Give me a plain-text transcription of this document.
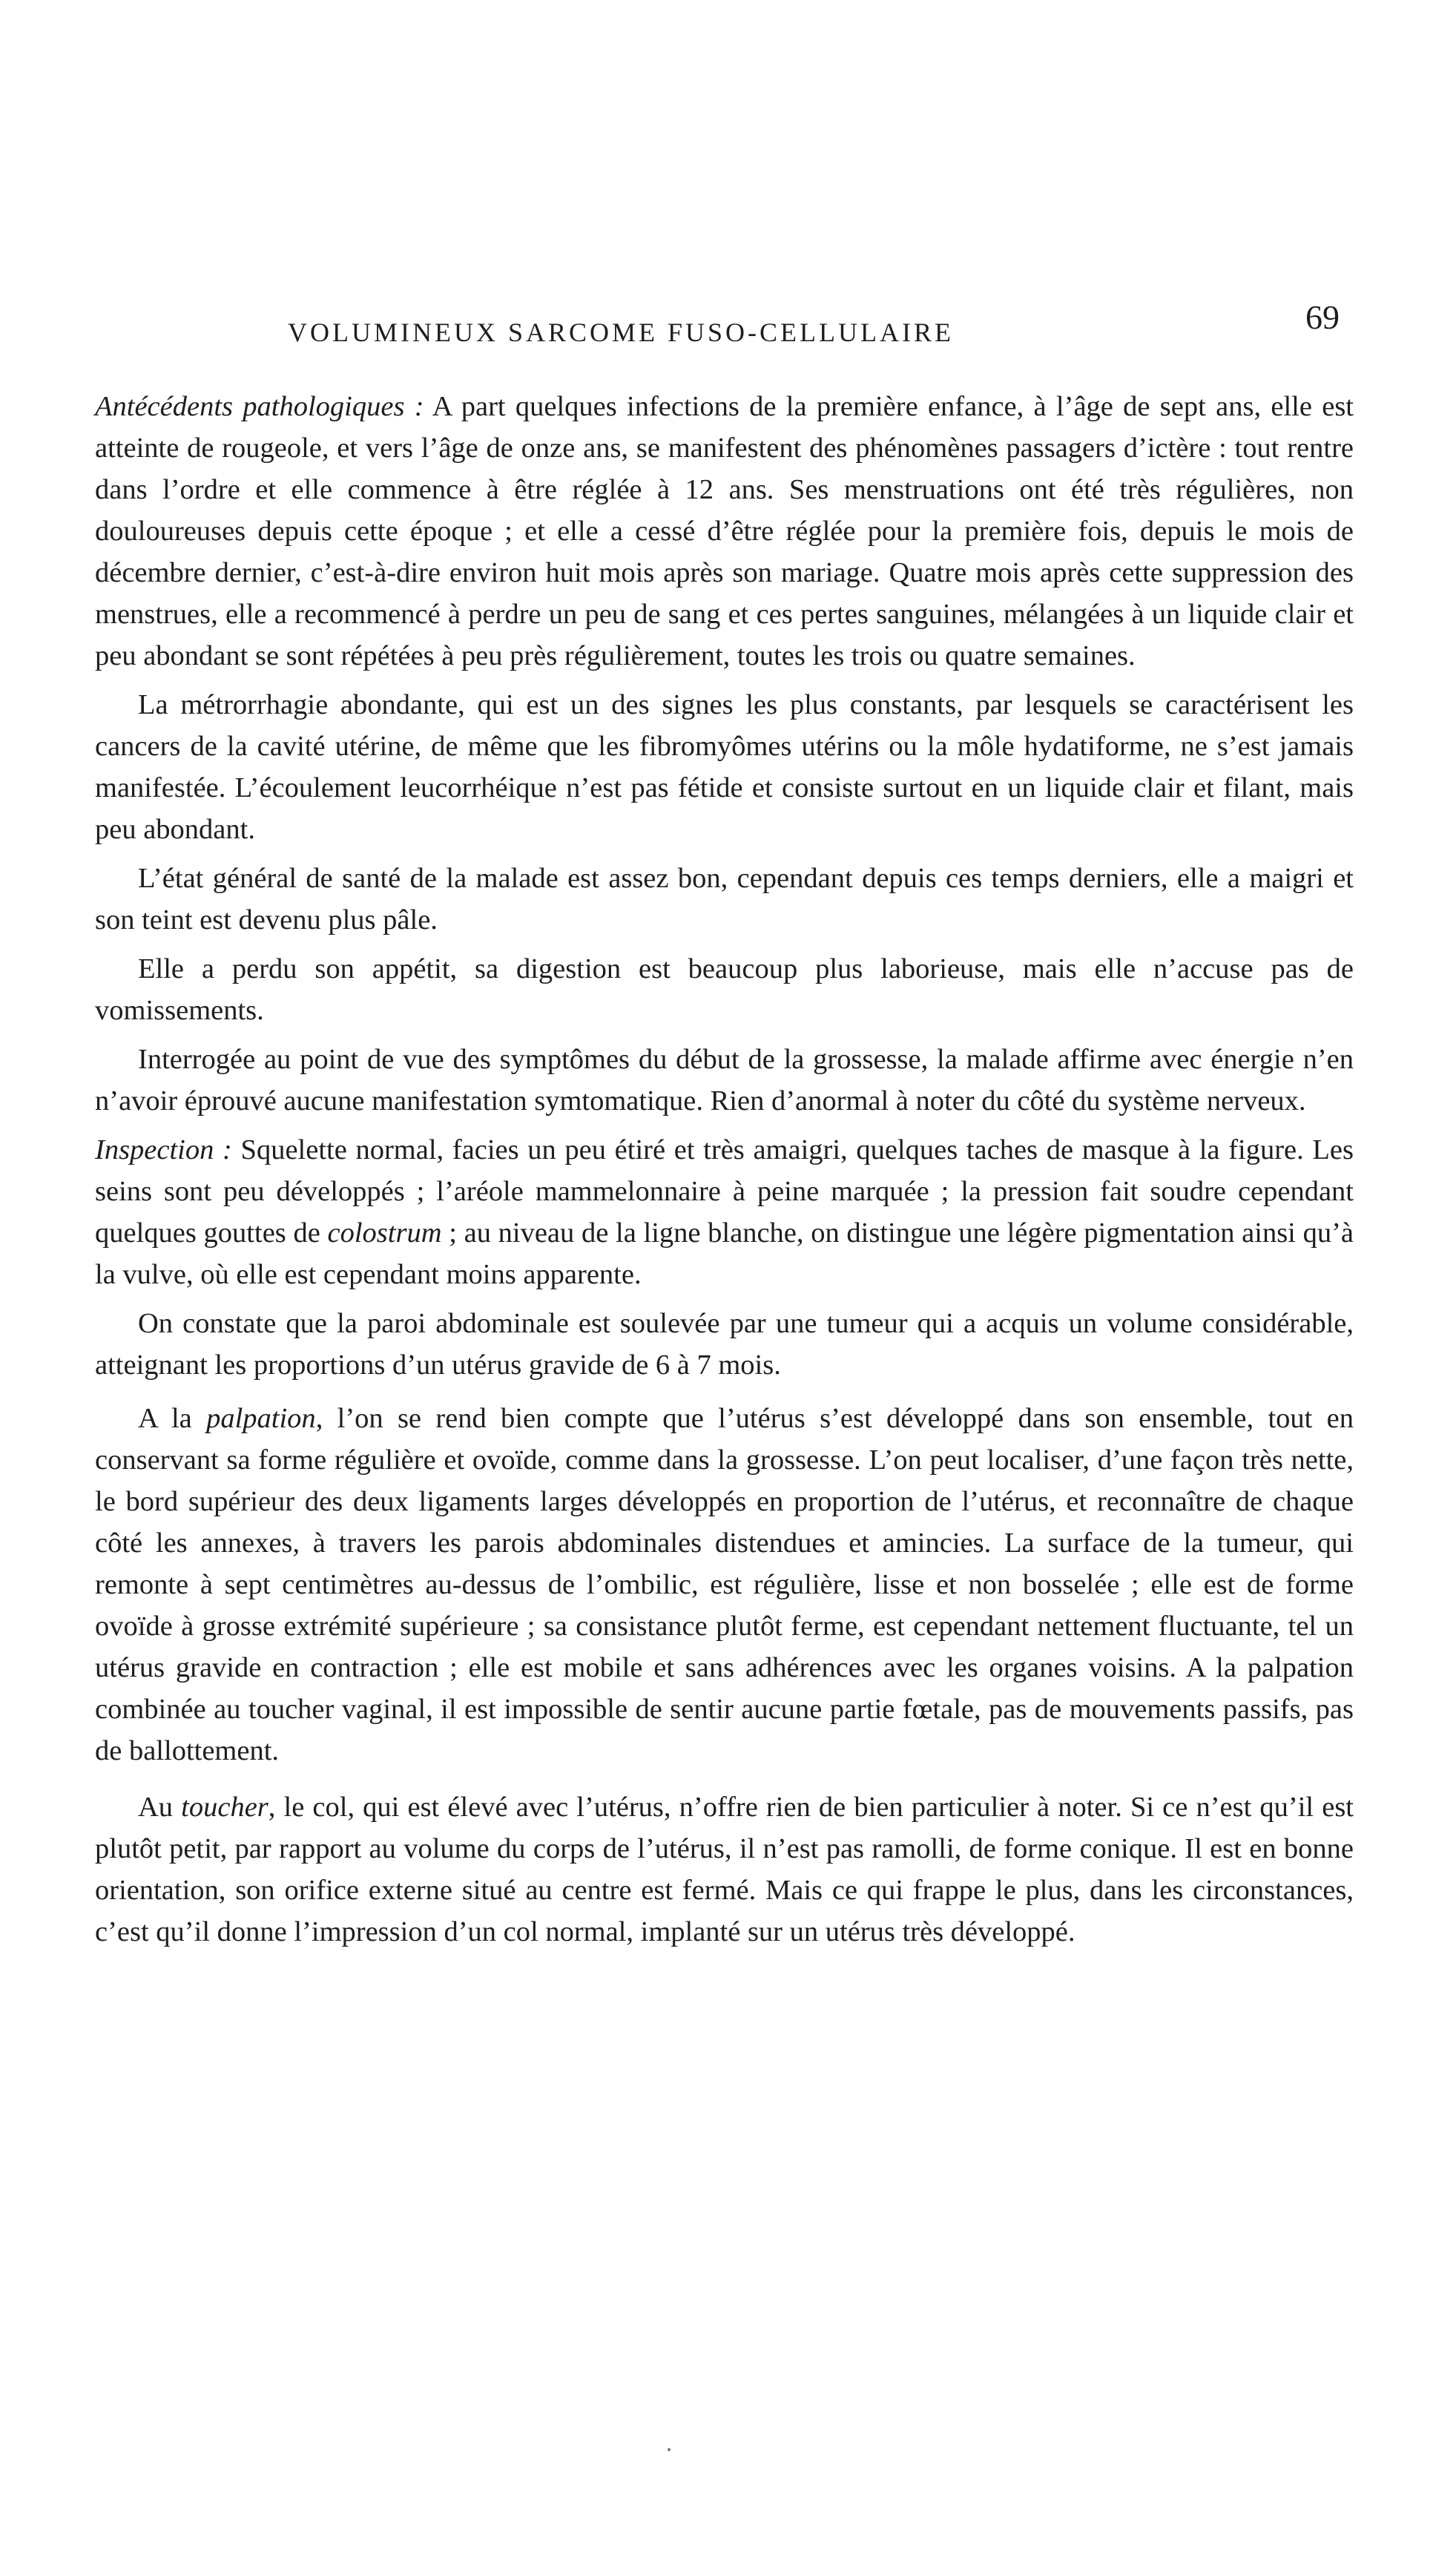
VOLUMINEUX SARCOME FUSO-CELLULAIRE	69

Antécédents pathologiques : A part quelques infections de la première enfance, à l’âge de sept ans, elle est atteinte de rougeole, et vers l’âge de onze ans, se manifestent des phénomènes passagers d’ictère : tout rentre dans l’ordre et elle commence à être réglée à 12 ans. Ses menstruations ont été très régulières, non douloureuses depuis cette époque ; et elle a cessé d’être réglée pour la première fois, depuis le mois de décembre dernier, c’est-à-dire environ huit mois après son mariage. Quatre mois après cette suppression des menstrues, elle a recommencé à perdre un peu de sang et ces pertes sanguines, mélangées à un liquide clair et peu abondant se sont répétées à peu près régulièrement, toutes les trois ou quatre semaines.

La métrorrhagie abondante, qui est un des signes les plus constants, par lesquels se caractérisent les cancers de la cavité utérine, de même que les fibromyômes utérins ou la môle hydatiforme, ne s’est jamais manifestée. L’écoulement leucorrhéique n’est pas fétide et consiste surtout en un liquide clair et filant, mais peu abondant.

L’état général de santé de la malade est assez bon, cependant depuis ces temps derniers, elle a maigri et son teint est devenu plus pâle.

Elle a perdu son appétit, sa digestion est beaucoup plus laborieuse, mais elle n’accuse pas de vomissements.

Interrogée au point de vue des symptômes du début de la grossesse, la malade affirme avec énergie n’en n’avoir éprouvé aucune manifestation symtomatique. Rien d’anormal à noter du côté du système nerveux.

Inspection : Squelette normal, facies un peu étiré et très amaigri, quelques taches de masque à la figure. Les seins sont peu développés ; l’aréole mammelonnaire à peine marquée ; la pression fait soudre cependant quelques gouttes de colostrum ; au niveau de la ligne blanche, on distingue une légère pigmentation ainsi qu’à la vulve, où elle est cependant moins apparente.

On constate que la paroi abdominale est soulevée par une tumeur qui a acquis un volume considérable, atteignant les proportions d’un utérus gravide de 6 à 7 mois.

A la palpation, l’on se rend bien compte que l’utérus s’est développé dans son ensemble, tout en conservant sa forme régulière et ovoïde, comme dans la grossesse. L’on peut localiser, d’une façon très nette, le bord supérieur des deux ligaments larges développés en proportion de l’utérus, et reconnaître de chaque côté les annexes, à travers les parois abdominales distendues et amincies. La surface de la tumeur, qui remonte à sept centimètres au-dessus de l’ombilic, est régulière, lisse et non bosselée ; elle est de forme ovoïde à grosse extrémité supérieure ; sa consistance plutôt ferme, est cependant nettement fluctuante, tel un utérus gravide en contraction ; elle est mobile et sans adhérences avec les organes voisins. A la palpation combinée au toucher vaginal, il est impossible de sentir aucune partie fœtale, pas de mouvements passifs, pas de ballottement.

Au toucher, le col, qui est élevé avec l’utérus, n’offre rien de bien particulier à noter. Si ce n’est qu’il est plutôt petit, par rapport au volume du corps de l’utérus, il n’est pas ramolli, de forme conique. Il est en bonne orientation, son orifice externe situé au centre est fermé. Mais ce qui frappe le plus, dans les circonstances, c’est qu’il donne l’impression d’un col normal, implanté sur un utérus très développé.
